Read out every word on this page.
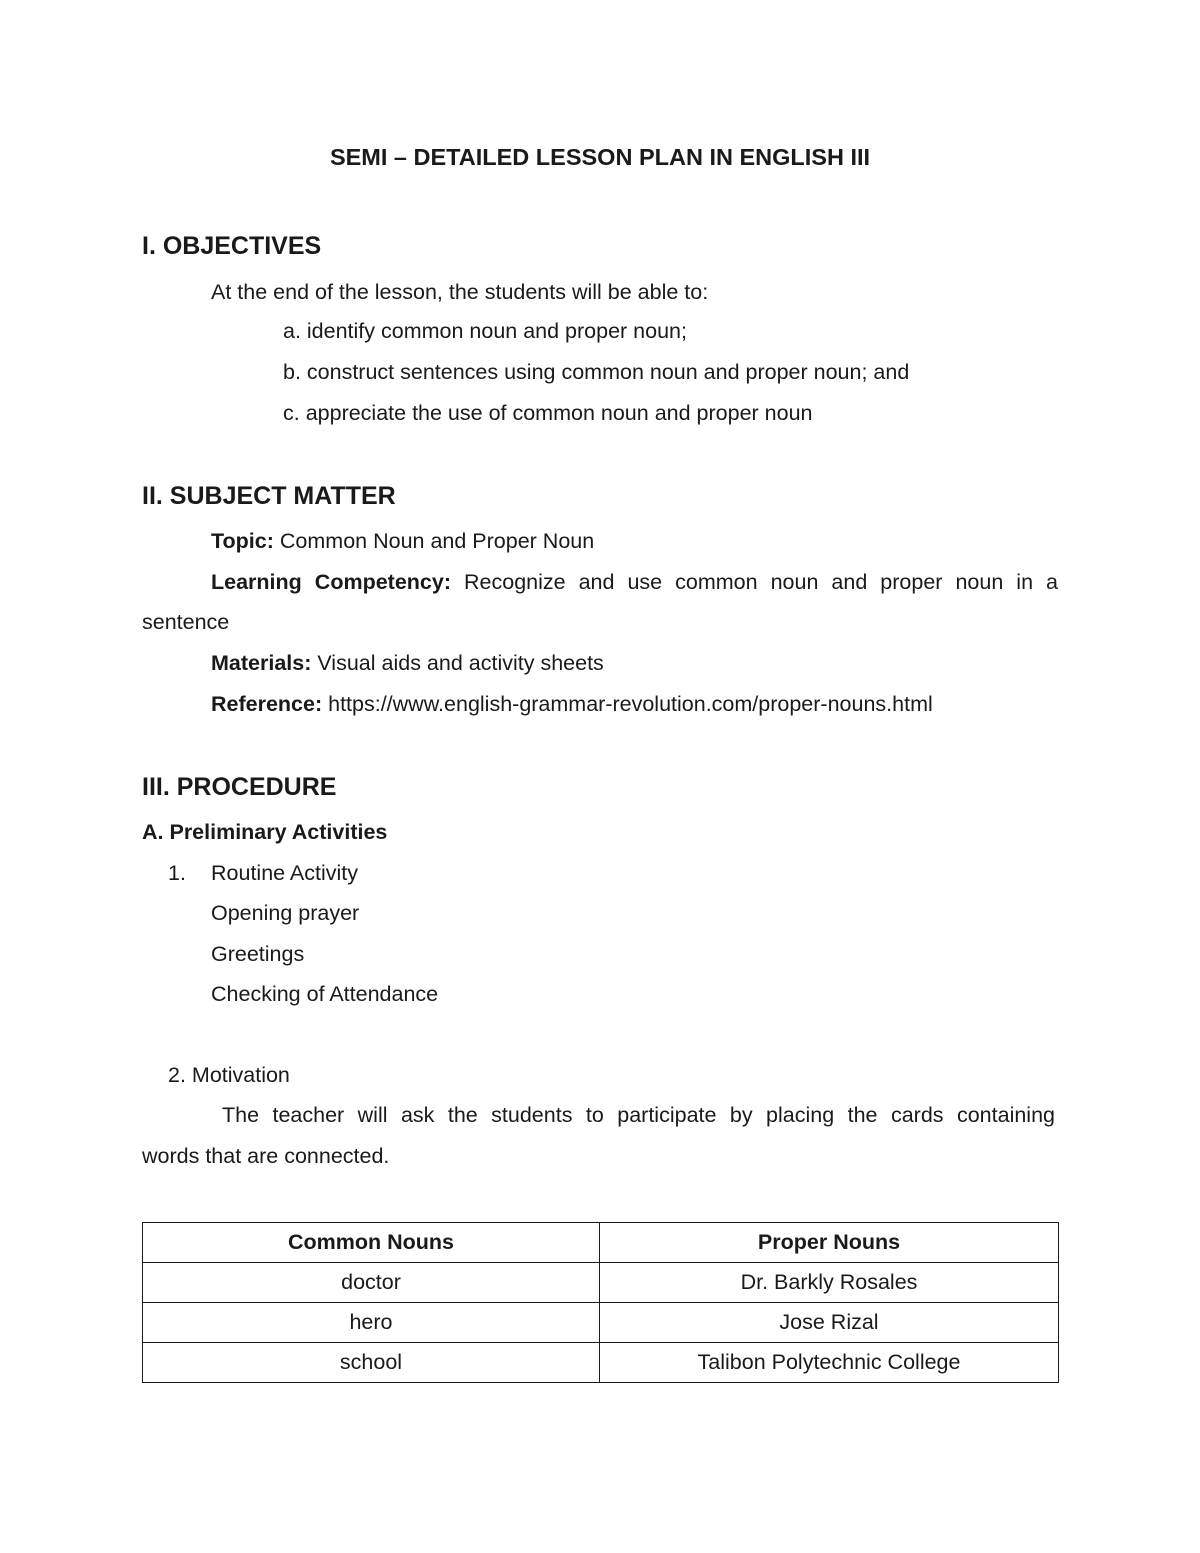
SEMI – DETAILED LESSON PLAN IN ENGLISH III
I. OBJECTIVES
At the end of the lesson, the students will be able to:
a. identify common noun and proper noun;
b. construct sentences using common noun and proper noun; and
c. appreciate the use of common noun and proper noun
II. SUBJECT MATTER
Topic: Common Noun and Proper Noun
Learning Competency: Recognize and use common noun and proper noun in a
sentence
Materials: Visual aids and activity sheets
Reference: https://www.english-grammar-revolution.com/proper-nouns.html
III. PROCEDURE
A. Preliminary Activities
1. Routine Activity
Opening prayer
Greetings
Checking of Attendance
2. Motivation
The teacher will ask the students to participate by placing the cards containing
words that are connected.
Common Nouns	Proper Nouns
doctor	Dr. Barkly Rosales
hero	Jose Rizal
school	Talibon Polytechnic College
